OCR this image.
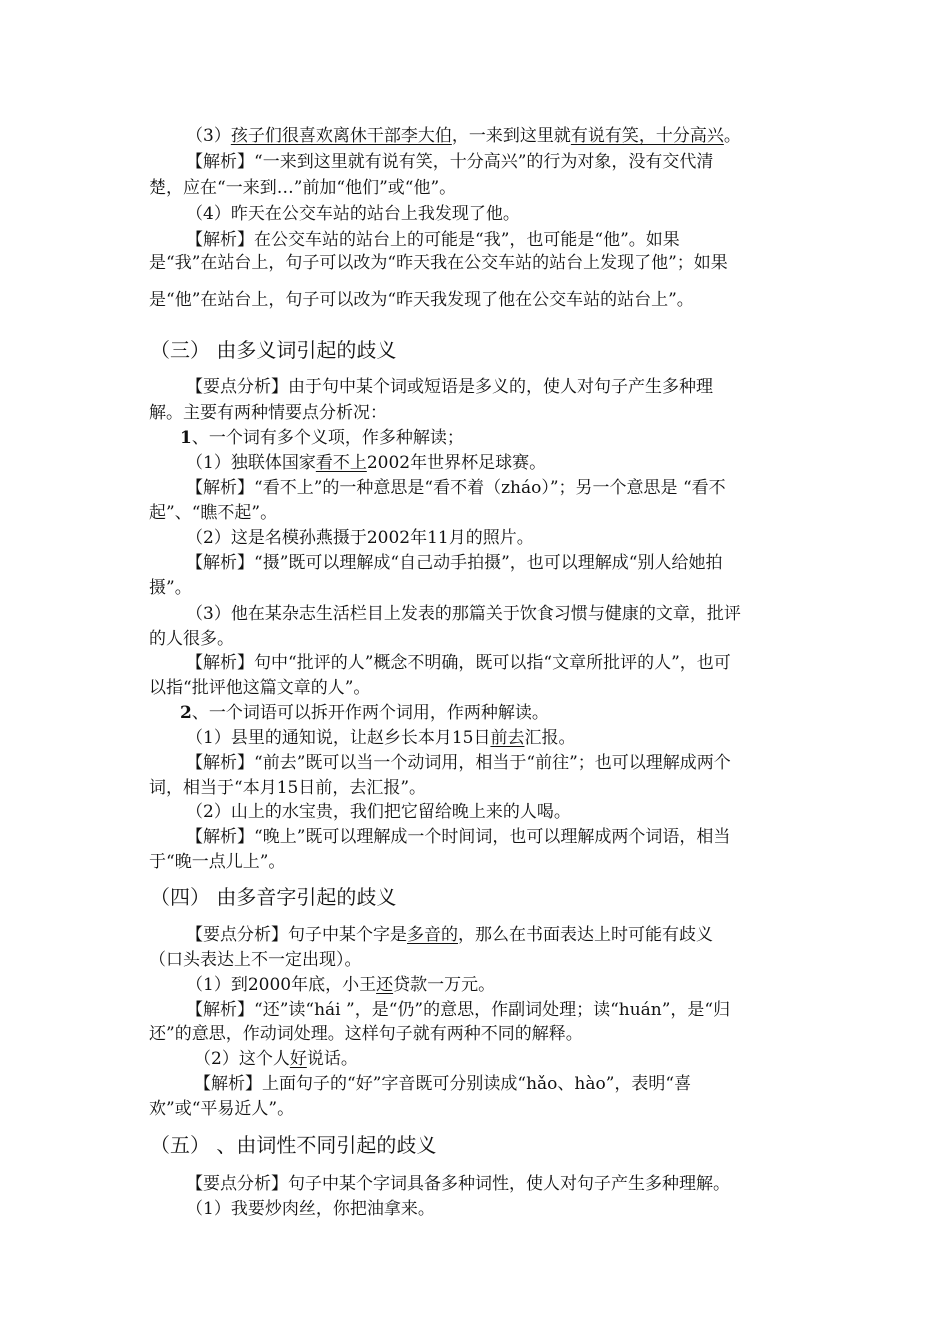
（3）孩子们很喜欢离休干部李大伯，一来到这里就有说有笑，十分高兴。
【解析】“一来到这里就有说有笑，十分高兴”的行为对象，没有交代清
楚，应在“一来到…”前加“他们”或“他”。
（4）昨天在公交车站的站台上我发现了他。
【解析】在公交车站的站台上的可能是“我”，也可能是“他”。如果
是“我”在站台上，句子可以改为“昨天我在公交车站的站台上发现了他”；如果
是“他”在站台上，句子可以改为“昨天我发现了他在公交车站的站台上”。
（三） 由多义词引起的歧义
【要点分析】由于句中某个词或短语是多义的，使人对句子产生多种理
解。主要有两种情要点分析况：
1、一个词有多个义项，作多种解读；
（1）独联体国家看不上2002年世界杯足球赛。
【解析】“看不上”的一种意思是“看不着（zháo）”；另一个意思是 “看不
起”、“瞧不起”。
（2）这是名模孙燕摄于2002年11月的照片。
【解析】“摄”既可以理解成“自己动手拍摄”，也可以理解成“别人给她拍
摄”。
（3）他在某杂志生活栏目上发表的那篇关于饮食习惯与健康的文章，批评
的人很多。
【解析】句中“批评的人”概念不明确，既可以指“文章所批评的人”，也可
以指“批评他这篇文章的人”。
2、一个词语可以拆开作两个词用，作两种解读。
（1）县里的通知说，让赵乡长本月15日前去汇报。
【解析】“前去”既可以当一个动词用，相当于“前往”；也可以理解成两个
词，相当于“本月15日前，去汇报”。
（2）山上的水宝贵，我们把它留给晚上来的人喝。
【解析】“晚上”既可以理解成一个时间词，也可以理解成两个词语，相当
于“晚一点儿上”。
（四） 由多音字引起的歧义
【要点分析】句子中某个字是多音的，那么在书面表达上时可能有歧义
（口头表达上不一定出现）。
（1）到2000年底，小王还贷款一万元。
【解析】“还”读“hái ”，是“仍”的意思，作副词处理；读“huán”，是“归
还”的意思，作动词处理。这样句子就有两种不同的解释。
（2）这个人好说话。
【解析】上面句子的“好”字音既可分别读成“hǎo、hào”，表明“喜
欢”或“平易近人”。
（五） 、由词性不同引起的歧义
【要点分析】句子中某个字词具备多种词性，使人对句子产生多种理解。
（1）我要炒肉丝，你把油拿来。
